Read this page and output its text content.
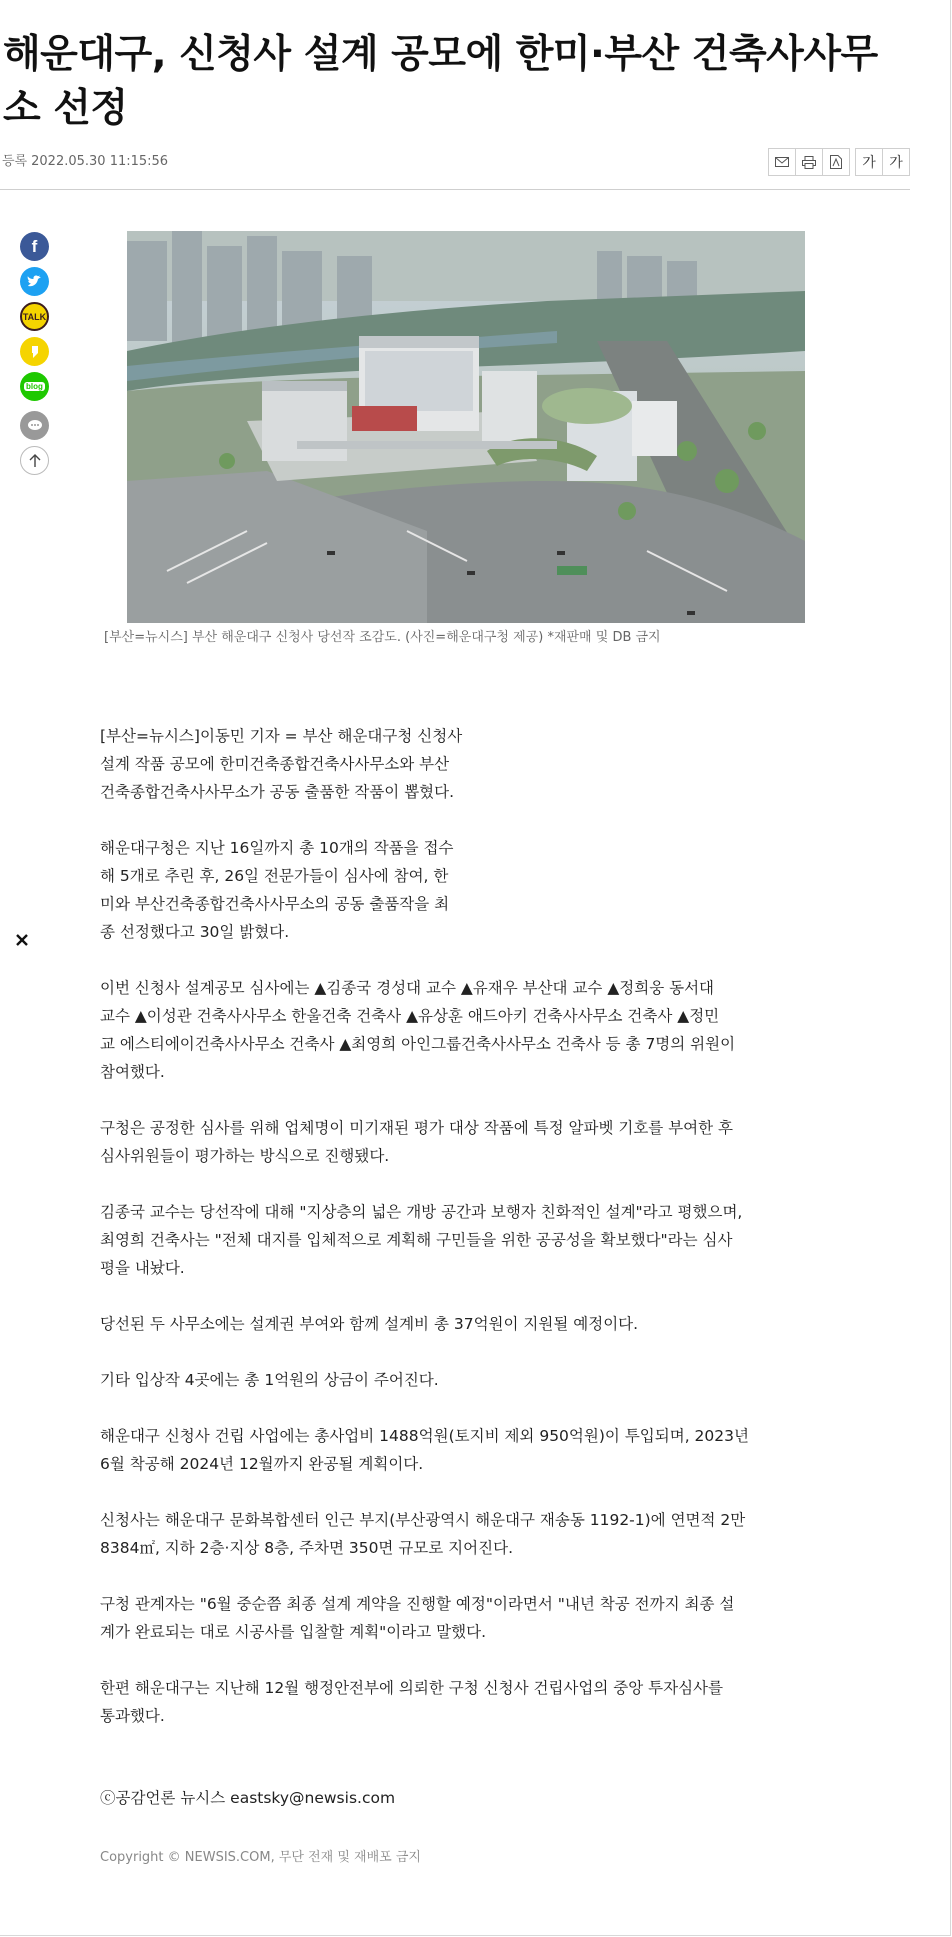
해운대구, 신청사 설계 공모에 한미·부산 건축사사무
소 선정
등록 2022.05.30 11:15:56	가 가
f
TALK
blog
[부산=뉴시스] 부산 해운대구 신청사 당선작 조감도. (사진=해운대구청 제공) *재판매 및 DB 금지
[부산=뉴시스]이동민 기자 = 부산 해운대구청 신청사
설계 작품 공모에 한미건축종합건축사사무소와 부산
건축종합건축사사무소가 공동 출품한 작품이 뽑혔다.
해운대구청은 지난 16일까지 총 10개의 작품을 접수
해 5개로 추린 후, 26일 전문가들이 심사에 참여, 한
미와 부산건축종합건축사사무소의 공동 출품작을 최
종 선정했다고 30일 밝혔다.
이번 신청사 설계공모 심사에는 ▲김종국 경성대 교수 ▲유재우 부산대 교수 ▲정희웅 동서대
교수 ▲이성관 건축사사무소 한울건축 건축사 ▲유상훈 애드아키 건축사사무소 건축사 ▲정민
교 에스티에이건축사사무소 건축사 ▲최영희 아인그룹건축사사무소 건축사 등 총 7명의 위원이
참여했다.
구청은 공정한 심사를 위해 업체명이 미기재된 평가 대상 작품에 특정 알파벳 기호를 부여한 후
심사위원들이 평가하는 방식으로 진행됐다.
김종국 교수는 당선작에 대해 "지상층의 넓은 개방 공간과 보행자 친화적인 설계"라고 평했으며,
최영희 건축사는 "전체 대지를 입체적으로 계획해 구민들을 위한 공공성을 확보했다"라는 심사
평을 내놨다.
당선된 두 사무소에는 설계권 부여와 함께 설계비 총 37억원이 지원될 예정이다.
기타 입상작 4곳에는 총 1억원의 상금이 주어진다.
해운대구 신청사 건립 사업에는 총사업비 1488억원(토지비 제외 950억원)이 투입되며, 2023년
6월 착공해 2024년 12월까지 완공될 계획이다.
신청사는 해운대구 문화복합센터 인근 부지(부산광역시 해운대구 재송동 1192-1)에 연면적 2만
8384㎡, 지하 2층·지상 8층, 주차면 350면 규모로 지어진다.
구청 관계자는 "6월 중순쯤 최종 설계 계약을 진행할 예정"이라면서 "내년 착공 전까지 최종 설
계가 완료되는 대로 시공사를 입찰할 계획"이라고 말했다.
한편 해운대구는 지난해 12월 행정안전부에 의뢰한 구청 신청사 건립사업의 중앙 투자심사를
통과했다.
ⓒ공감언론 뉴시스 eastsky@newsis.com
Copyright © NEWSIS.COM, 무단 전재 및 재배포 금지
